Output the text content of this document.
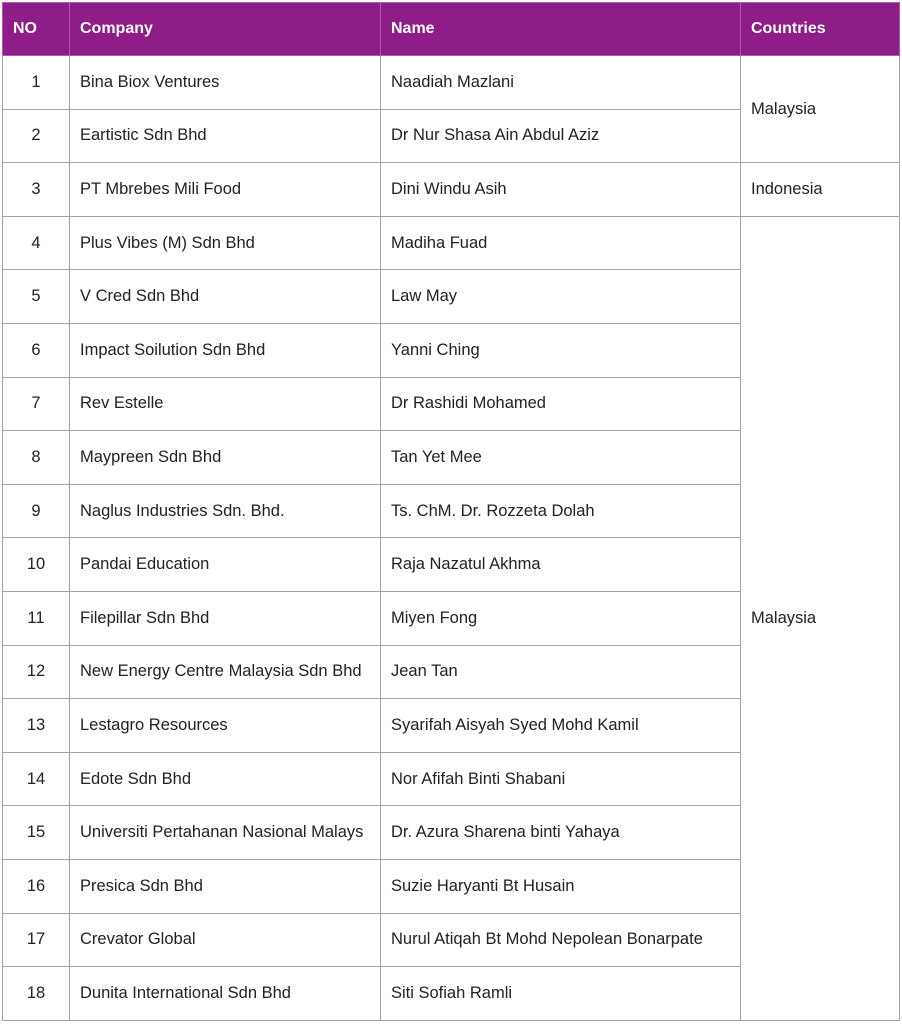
NO	Company	Name	Countries
1	Bina Biox Ventures	Naadiah Mazlani	Malaysia
2	Eartistic Sdn Bhd	Dr Nur Shasa Ain Abdul Aziz	
3	PT Mbrebes Mili Food	Dini Windu Asih	Indonesia
4	Plus Vibes (M) Sdn Bhd	Madiha Fuad	Malaysia
5	V Cred Sdn Bhd	Law May	
6	Impact Soilution Sdn Bhd	Yanni Ching	
7	Rev Estelle	Dr Rashidi Mohamed	
8	Maypreen Sdn Bhd	Tan Yet Mee	
9	Naglus Industries Sdn. Bhd.	Ts. ChM. Dr. Rozzeta Dolah	
10	Pandai Education	Raja Nazatul Akhma	
11	Filepillar Sdn Bhd	Miyen Fong	
12	New Energy Centre Malaysia Sdn Bhd	Jean Tan	
13	Lestagro Resources	Syarifah Aisyah Syed Mohd Kamil	
14	Edote Sdn Bhd	Nor Afifah Binti Shabani	
15	Universiti Pertahanan Nasional Malays	Dr. Azura Sharena binti Yahaya	
16	Presica Sdn Bhd	Suzie Haryanti Bt Husain	
17	Crevator Global	Nurul Atiqah Bt Mohd Nepolean Bonarpate	
18	Dunita International Sdn Bhd	Siti Sofiah Ramli	
